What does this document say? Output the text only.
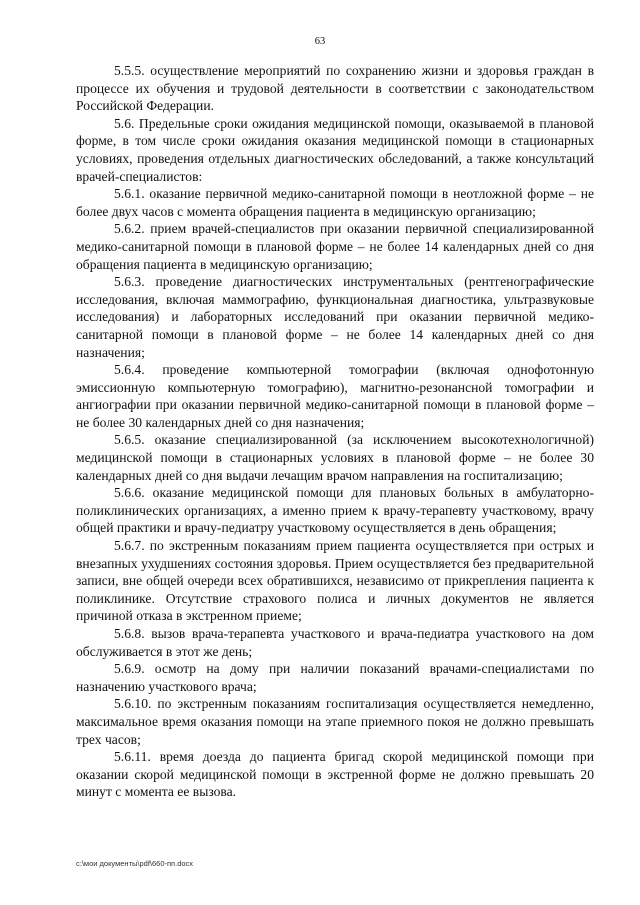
63

5.5.5. осуществление мероприятий по сохранению жизни и здоровья граждан в процессе их обучения и трудовой деятельности в соответствии с законодательством Российской Федерации.

5.6. Предельные сроки ожидания медицинской помощи, оказываемой в плановой форме, в том числе сроки ожидания оказания медицинской помощи в стационарных условиях, проведения отдельных диагностических обследований, а также консультаций врачей-специалистов:

5.6.1. оказание первичной медико-санитарной помощи в неотложной форме – не более двух часов с момента обращения пациента в медицинскую организацию;

5.6.2. прием врачей-специалистов при оказании первичной специализированной медико-санитарной помощи в плановой форме – не более 14 календарных дней со дня обращения пациента в медицинскую организацию;

5.6.3. проведение диагностических инструментальных (рентгенографические исследования, включая маммографию, функциональная диагностика, ультразвуковые исследования) и лабораторных исследований при оказании первичной медико-санитарной помощи в плановой форме – не более 14 календарных дней со дня назначения;

5.6.4. проведение компьютерной томографии (включая однофотонную эмиссионную компьютерную томографию), магнитно-резонансной томографии и ангиографии при оказании первичной медико-санитарной помощи в плановой форме – не более 30 календарных дней со дня назначения;

5.6.5. оказание специализированной (за исключением высокотехнологичной) медицинской помощи в стационарных условиях в плановой форме – не более 30 календарных дней со дня выдачи лечащим врачом направления на госпитализацию;

5.6.6. оказание медицинской помощи для плановых больных в амбулаторно-поликлинических организациях, а именно прием к врачу-терапевту участковому, врачу общей практики и врачу-педиатру участковому осуществляется в день обращения;

5.6.7. по экстренным показаниям прием пациента осуществляется при острых и внезапных ухудшениях состояния здоровья. Прием осуществляется без предварительной записи, вне общей очереди всех обратившихся, независимо от прикрепления пациента к поликлинике. Отсутствие страхового полиса и личных документов не является причиной отказа в экстренном приеме;

5.6.8. вызов врача-терапевта участкового и врача-педиатра участкового на дом обслуживается в этот же день;

5.6.9. осмотр на дому при наличии показаний врачами-специалистами по назначению участкового врача;

5.6.10. по экстренным показаниям госпитализация осуществляется немедленно, максимальное время оказания помощи на этапе приемного покоя не должно превышать трех часов;

5.6.11. время доезда до пациента бригад скорой медицинской помощи при оказании скорой медицинской помощи в экстренной форме не должно превышать 20 минут с момента ее вызова.

c:\мои документы\pdf\660-пп.docx
